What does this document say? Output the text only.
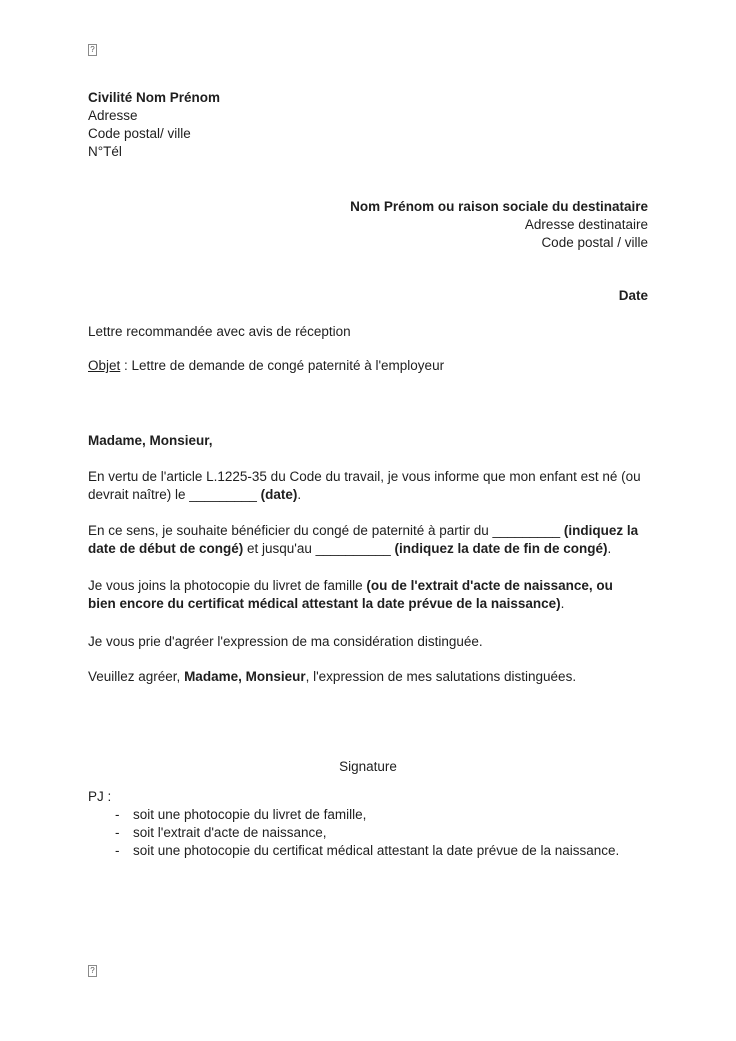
?
Civilité Nom Prénom
Adresse
Code postal/ ville
N°Tél
Nom Prénom ou raison sociale du destinataire
Adresse destinataire
Code postal / ville
Date
Lettre recommandée avec avis de réception
Objet : Lettre de demande de congé paternité à l'employeur
Madame, Monsieur,
En vertu de l'article L.1225-35 du Code du travail, je vous informe que mon enfant est né (ou
devrait naître) le _________ (date).
En ce sens, je souhaite bénéficier du congé de paternité à partir du _________ (indiquez la
date de début de congé) et jusqu'au __________ (indiquez la date de fin de congé).
Je vous joins la photocopie du livret de famille (ou de l'extrait d'acte de naissance, ou
bien encore du certificat médical attestant la date prévue de la naissance).
Je vous prie d'agréer l'expression de ma considération distinguée.
Veuillez agréer, Madame, Monsieur, l'expression de mes salutations distinguées.
Signature
PJ :
-	soit une photocopie du livret de famille,
-	soit l'extrait d'acte de naissance,
-	soit une photocopie du certificat médical attestant la date prévue de la naissance.
?
